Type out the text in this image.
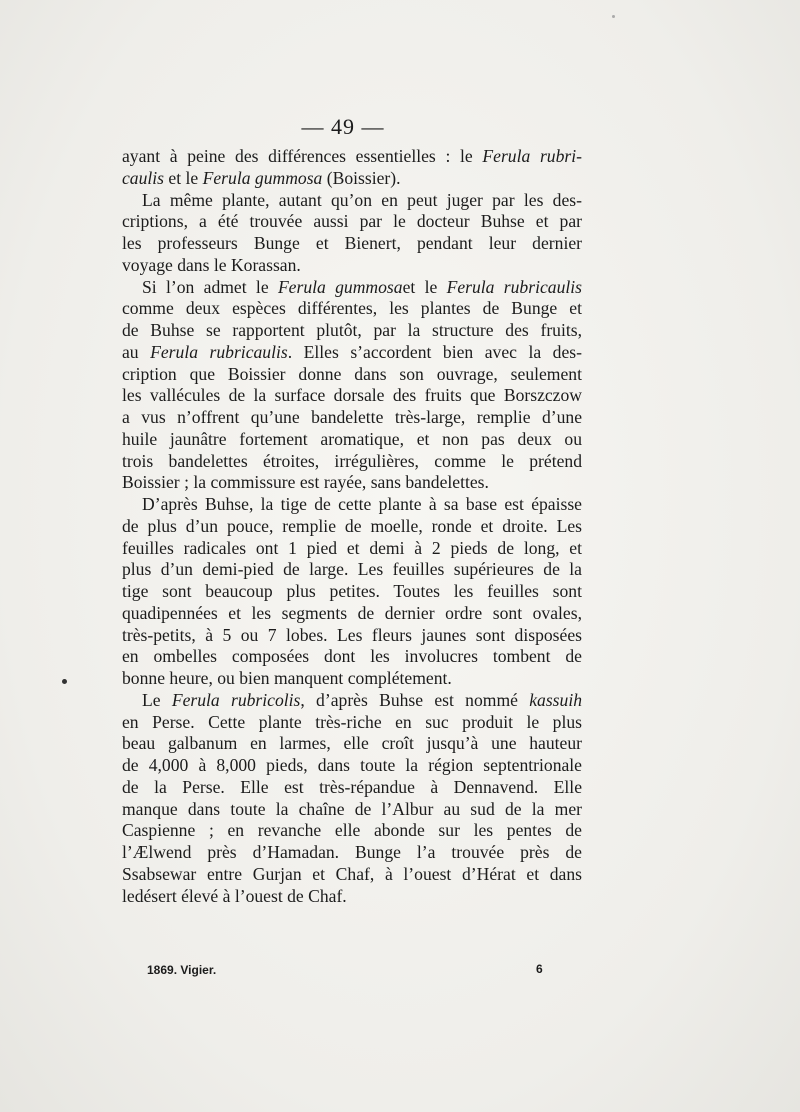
— 49 —
ayant à peine des différences essentielles : le Ferula rubri-
caulis et le Ferula gummosa (Boissier).
La même plante, autant qu’on en peut juger par les des-
criptions, a été trouvée aussi par le docteur Buhse et par
les professeurs Bunge et Bienert, pendant leur dernier
voyage dans le Korassan.
Si l’on admet le Ferula gummosaet le Ferula rubricaulis
comme deux espèces différentes, les plantes de Bunge et
de Buhse se rapportent plutôt, par la structure des fruits,
au Ferula rubricaulis. Elles s’accordent bien avec la des-
cription que Boissier donne dans son ouvrage, seulement
les vallécules de la surface dorsale des fruits que Borszczow
a vus n’offrent qu’une bandelette très-large, remplie d’une
huile jaunâtre fortement aromatique, et non pas deux ou
trois bandelettes étroites, irrégulières, comme le prétend
Boissier ; la commissure est rayée, sans bandelettes.
D’après Buhse, la tige de cette plante à sa base est épaisse
de plus d’un pouce, remplie de moelle, ronde et droite. Les
feuilles radicales ont 1 pied et demi à 2 pieds de long, et
plus d’un demi-pied de large. Les feuilles supérieures de la
tige sont beaucoup plus petites. Toutes les feuilles sont
quadipennées et les segments de dernier ordre sont ovales,
très-petits, à 5 ou 7 lobes. Les fleurs jaunes sont disposées
en ombelles composées dont les involucres tombent de
bonne heure, ou bien manquent complétement.
Le Ferula rubricolis, d’après Buhse est nommé kassuih
en Perse. Cette plante très-riche en suc produit le plus
beau galbanum en larmes, elle croît jusqu’à une hauteur
de 4,000 à 8,000 pieds, dans toute la région septentrionale
de la Perse. Elle est très-répandue à Dennavend. Elle
manque dans toute la chaîne de l’Albur au sud de la mer
Caspienne ; en revanche elle abonde sur les pentes de
l’Ælwend près d’Hamadan. Bunge l’a trouvée près de
Ssabsewar entre Gurjan et Chaf, à l’ouest d’Hérat et dans
ledésert élevé à l’ouest de Chaf.
1869. Vigier.	6
